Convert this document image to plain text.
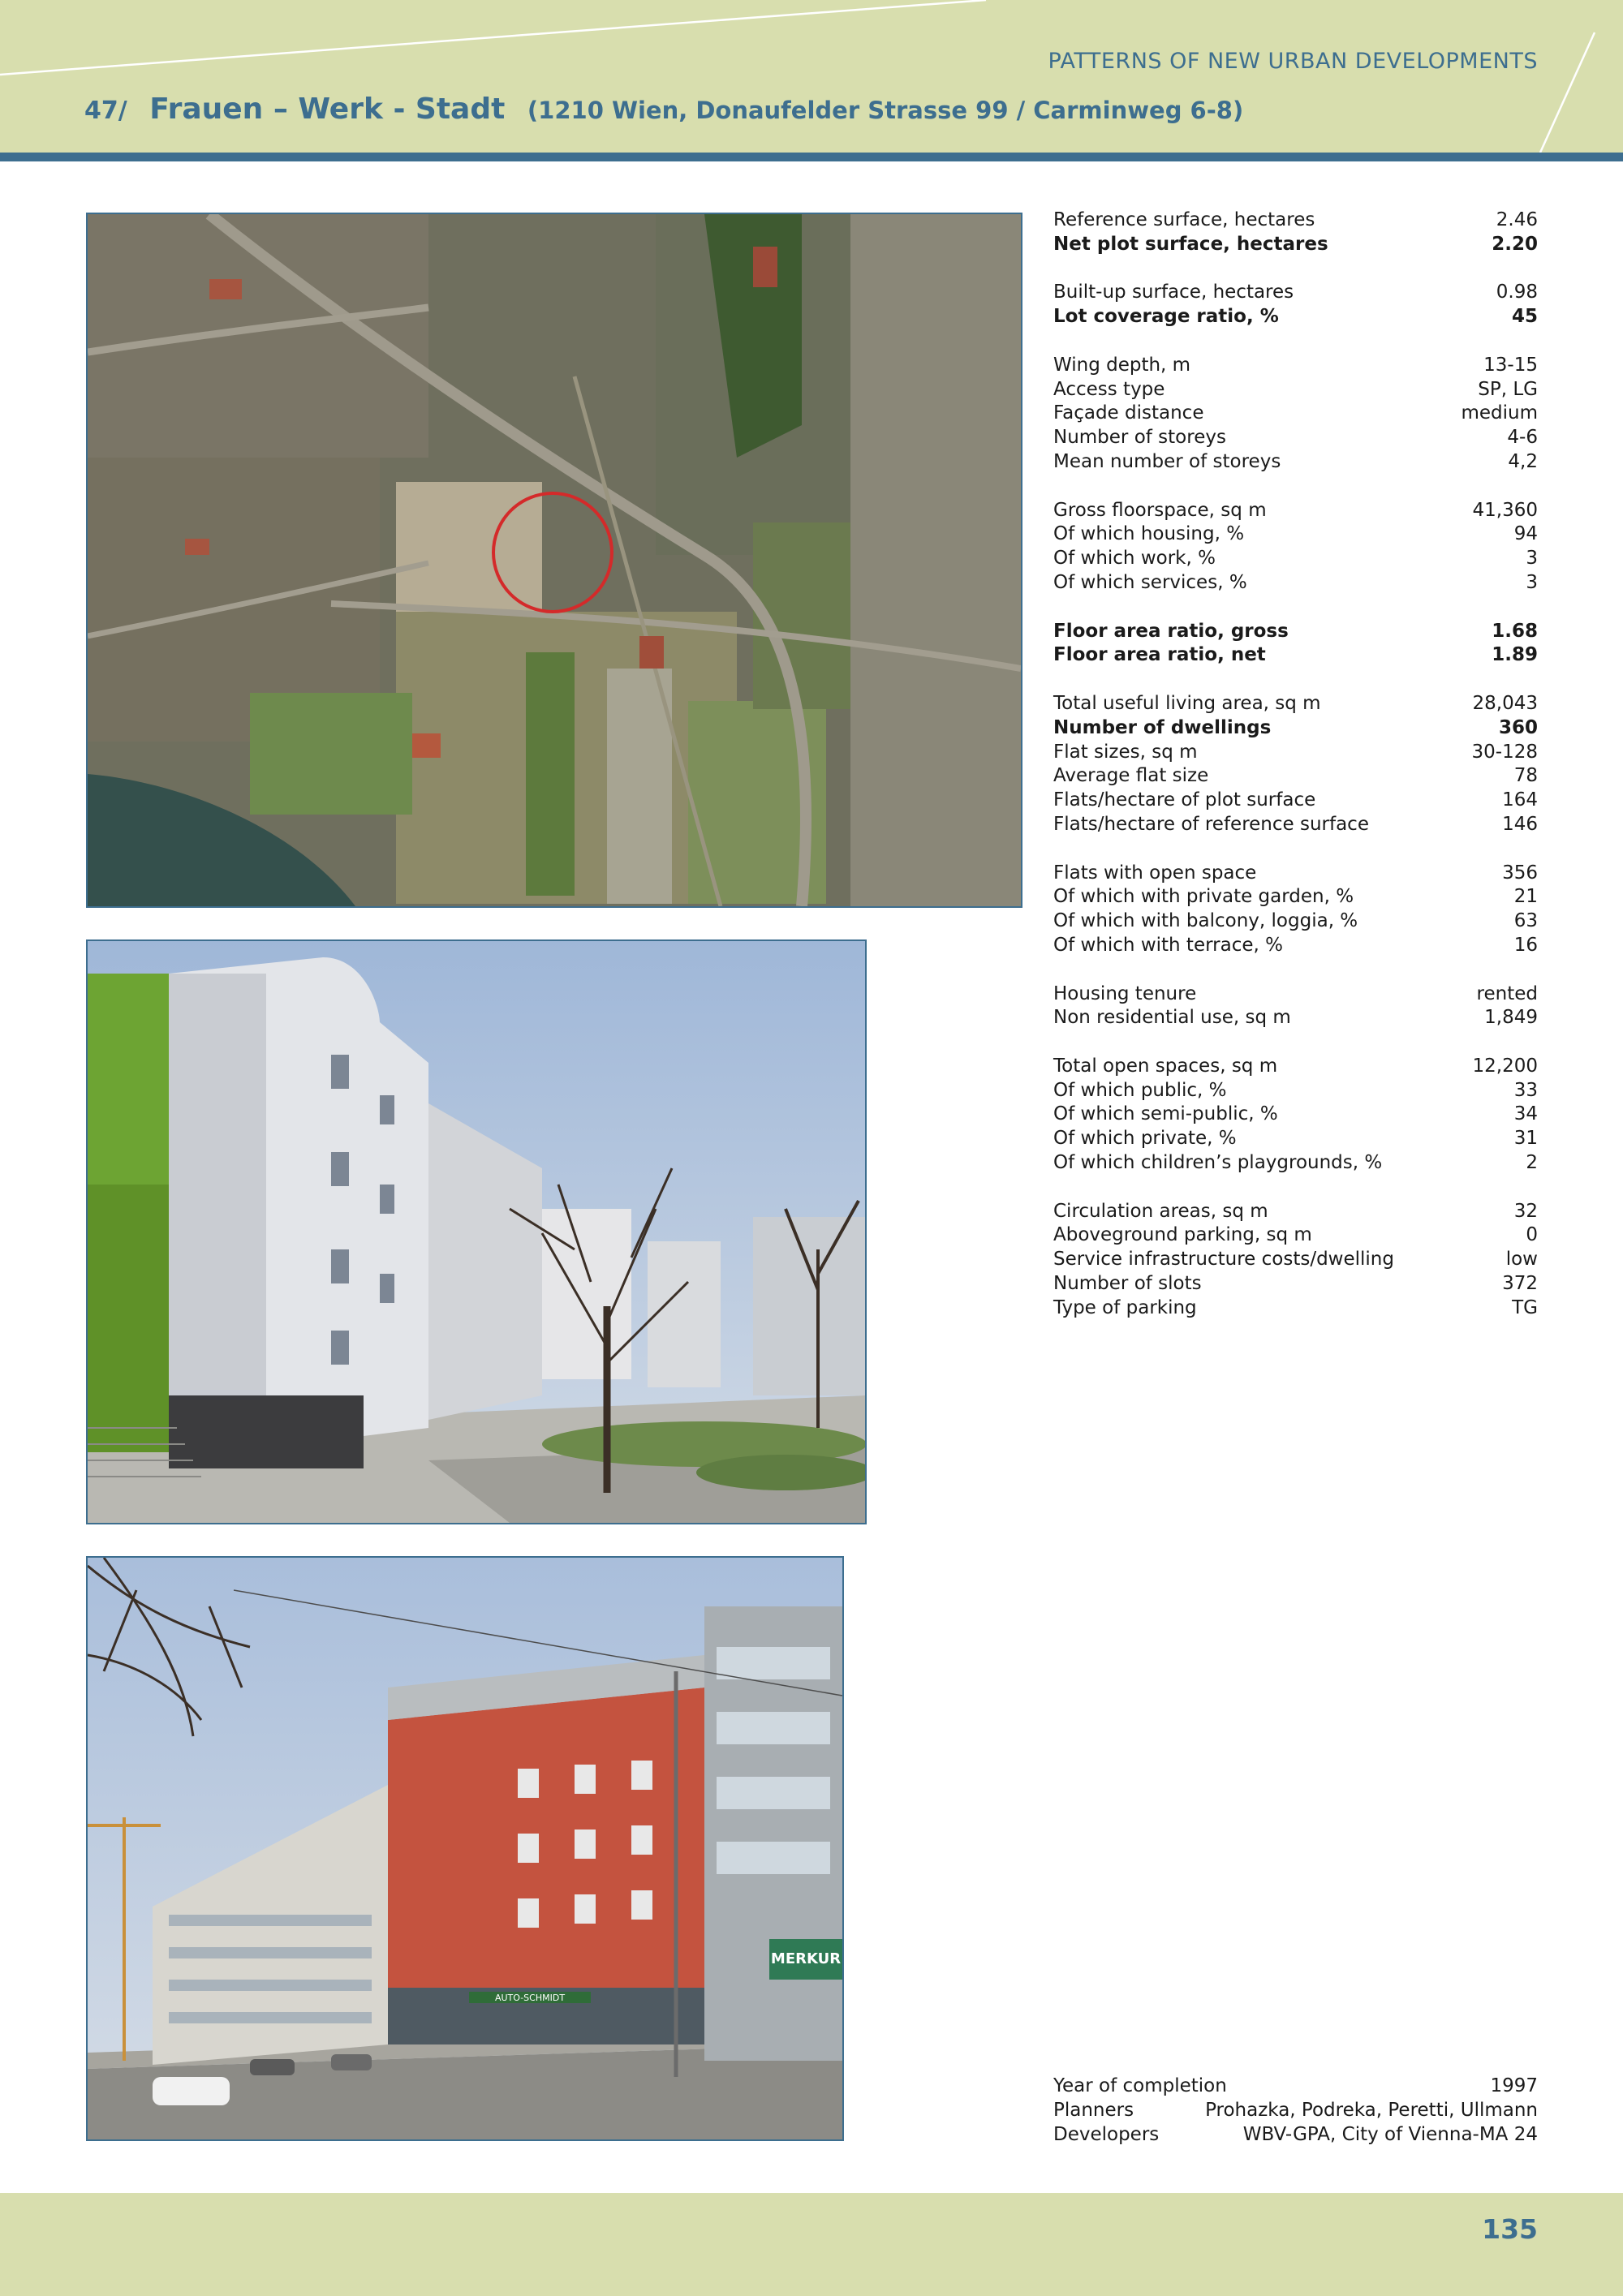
PATTERNS OF NEW URBAN DEVELOPMENTS
47/ Frauen – Werk - Stadt (1210 Wien, Donaufelder Strasse 99 / Carminweg 6-8)
AUTO-SCHMIDT
MERKUR
Reference surface, hectares	2.46
Net plot surface, hectares	2.20
Built-up surface, hectares	0.98
Lot coverage ratio, %	45
Wing depth, m	13-15
Access type	SP, LG
Façade distance	medium
Number of storeys	4-6
Mean number of storeys	4,2
Gross floorspace, sq m	41,360
Of which housing, %	94
Of which work, %	3
Of which services, %	3
Floor area ratio, gross	1.68
Floor area ratio, net	1.89
Total useful living area, sq m	28,043
Number of dwellings	360
Flat sizes, sq m	30-128
Average flat size	78
Flats/hectare of plot surface	164
Flats/hectare of reference surface	146
Flats with open space	356
Of which with private garden, %	21
Of which with balcony, loggia, %	63
Of which with terrace, %	16
Housing tenure	rented
Non residential use, sq m	1,849
Total open spaces, sq m	12,200
Of which public, %	33
Of which semi-public, %	34
Of which private, %	31
Of which children’s playgrounds, %	2
Circulation areas, sq m	32
Aboveground parking, sq m	0
Service infrastructure costs/dwelling	low
Number of slots	372
Type of parking	TG
Year of completion	1997
Planners	Prohazka, Podreka, Peretti, Ullmann
Developers	WBV-GPA, City of Vienna-MA 24
135
